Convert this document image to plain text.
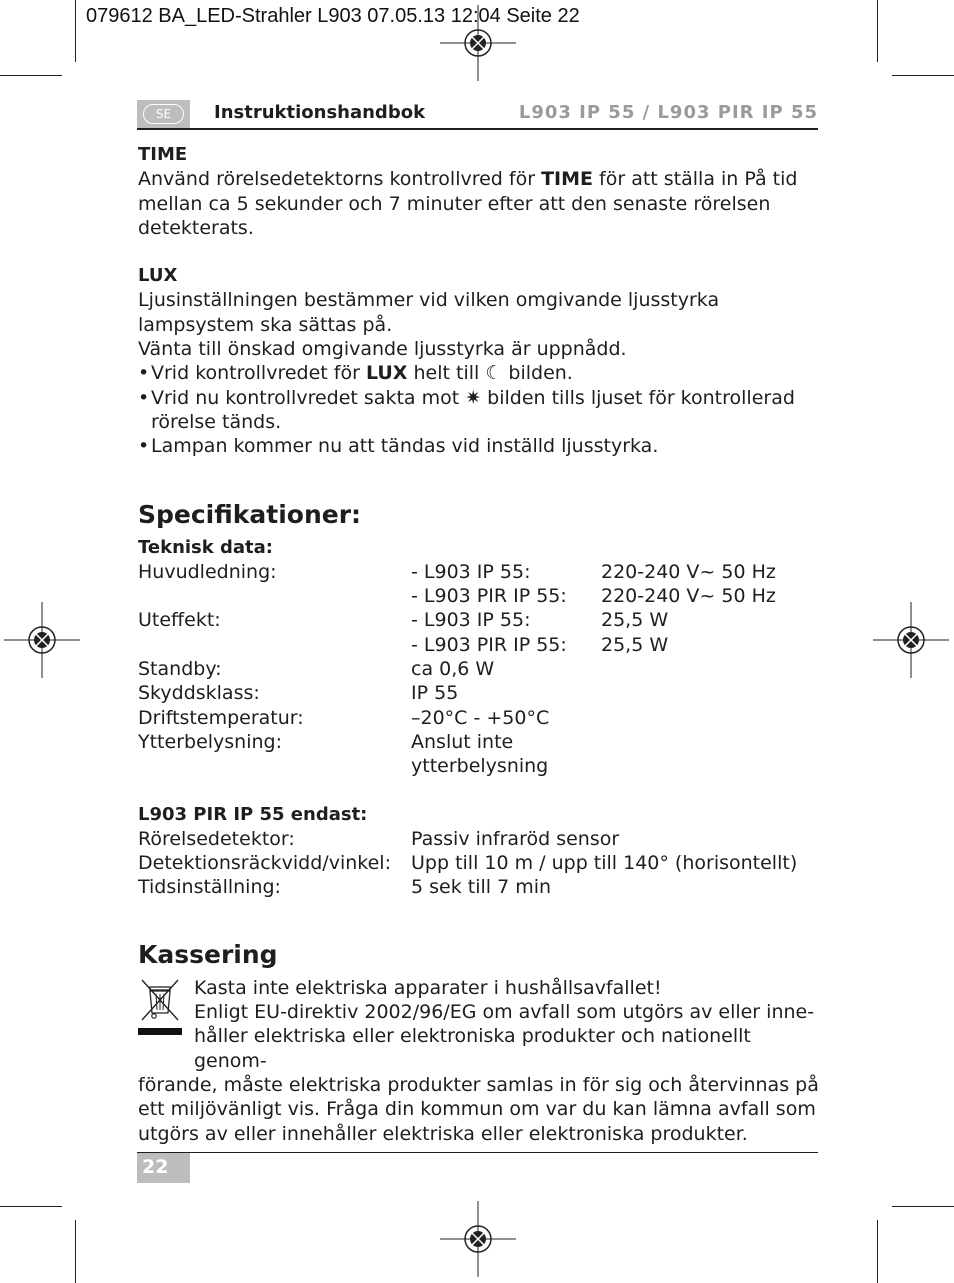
079612 BA_LED-Strahler L903 07.05.13 12:04 Seite 22
SE	Instruktionshandbok	L903 IP 55 / L903 PIR IP 55

TIME

Använd rörelsedetektorns kontrollvred för TIME för att ställa in På tid mellan ca 5 sekunder och 7 minuter efter att den senaste rörelsen detekterats.

LUX

Ljusinställningen bestämmer vid vilken omgivande ljusstyrka lampsystem ska sättas på.

Vänta till önskad omgivande ljusstyrka är uppnådd.

• Vrid kontrollvredet för LUX helt till ☾ bilden.
• Vrid nu kontrollvredet sakta mot ✷ bilden tills ljuset för kontrollerad rörelse tänds.
• Lampan kommer nu att tändas vid inställd ljusstyrka.

Specifikationer:

Teknisk data:

Huvudledning:	- L903 IP 55:	220-240 V~ 50 Hz
- L903 PIR IP 55:	220-240 V~ 50 Hz
Uteffekt:	- L903 IP 55:	25,5 W
- L903 PIR IP 55:	25,5 W
Standby:	ca 0,6 W
Skyddsklass:	IP 55
Driftstemperatur:	–20°C - +50°C
Ytterbelysning:	Anslut inte ytterbelysning

L903 PIR IP 55 endast:

Rörelsedetektor:	Passiv infraröd sensor
Detektionsräckvidd/vinkel:	Upp till 10 m / upp till 140° (horisontellt)
Tidsinställning:	5 sek till 7 min

Kassering

Kasta inte elektriska apparater i hushållsavfallet!

Enligt EU-direktiv 2002/96/EG om avfall som utgörs av eller inne-

håller elektriska eller elektroniska produkter och nationellt genom-

förande, måste elektriska produkter samlas in för sig och återvinnas på ett miljövänligt vis. Fråga din kommun om var du kan lämna avfall som utgörs av eller innehåller elektriska eller elektroniska produkter.

22
